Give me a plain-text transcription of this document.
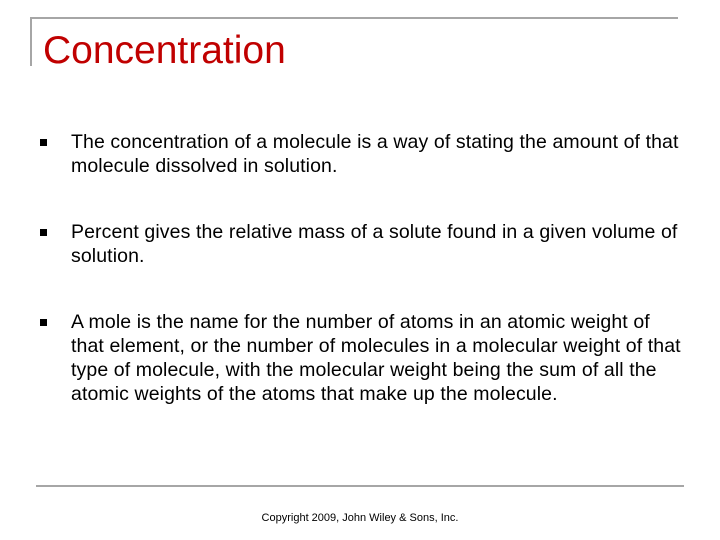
Concentration
The concentration of a molecule is a way of stating the amount of that molecule dissolved in solution.
Percent gives the relative mass of a solute found in a given volume of solution.
A mole is the name for the number of atoms in an atomic weight of that element, or the number of molecules in a molecular weight of that type of molecule, with the molecular weight being the sum of all the atomic weights of the atoms that make up the molecule.
Copyright 2009, John Wiley & Sons, Inc.
